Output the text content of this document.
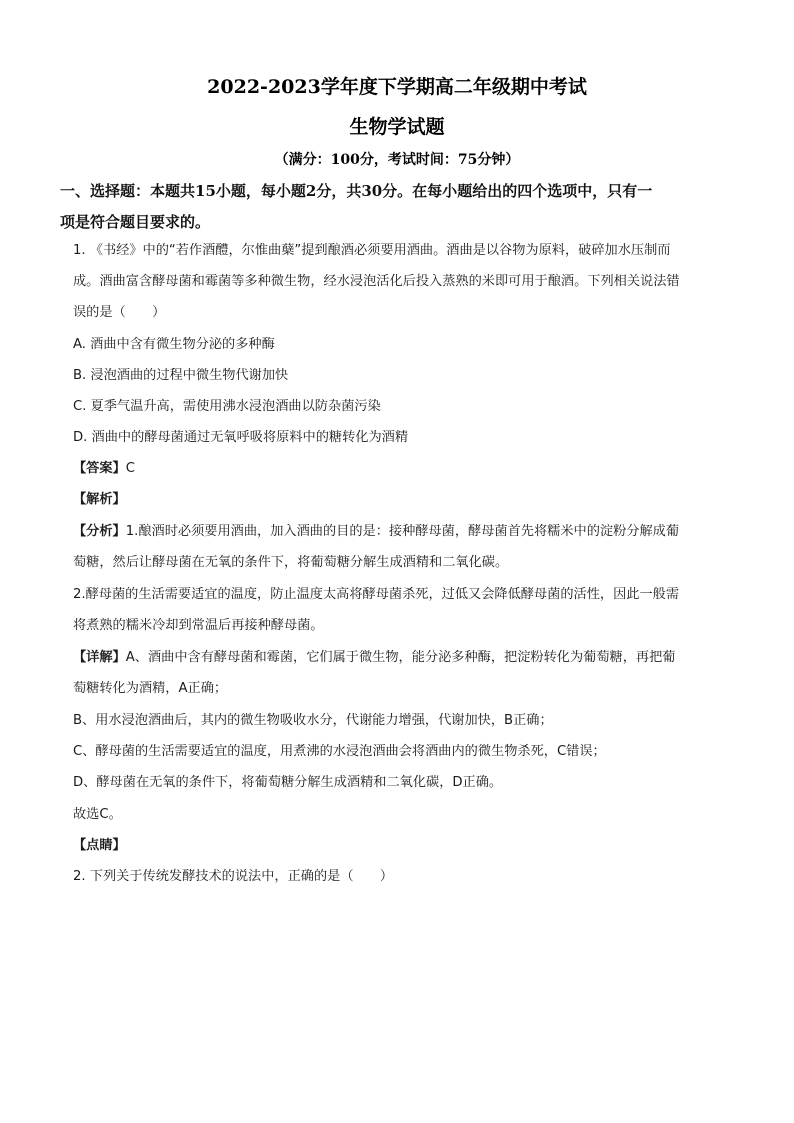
2022-2023学年度下学期高二年级期中考试
生物学试题
（满分：100分，考试时间：75分钟）
一、选择题：本题共15小题，每小题2分，共30分。在每小题给出的四个选项中，只有一
项是符合题目要求的。
1. 《书经》中的“若作酒醴，尔惟曲蘖”提到酿酒必须要用酒曲。酒曲是以谷物为原料，破碎加水压制而
成。酒曲富含酵母菌和霉菌等多种微生物，经水浸泡活化后投入蒸熟的米即可用于酿酒。下列相关说法错
误的是（　　）
A. 酒曲中含有微生物分泌的多种酶
B. 浸泡酒曲的过程中微生物代谢加快
C. 夏季气温升高，需使用沸水浸泡酒曲以防杂菌污染
D. 酒曲中的酵母菌通过无氧呼吸将原料中的糖转化为酒精
【答案】C
【解析】
【分析】1.酿酒时必须要用酒曲，加入酒曲的目的是：接种酵母菌，酵母菌首先将糯米中的淀粉分解成葡
萄糖，然后让酵母菌在无氧的条件下，将葡萄糖分解生成酒精和二氧化碳。
2.酵母菌的生活需要适宜的温度，防止温度太高将酵母菌杀死，过低又会降低酵母菌的活性，因此一般需
将煮熟的糯米冷却到常温后再接种酵母菌。
【详解】A、酒曲中含有酵母菌和霉菌，它们属于微生物，能分泌多种酶，把淀粉转化为葡萄糖，再把葡
萄糖转化为酒精，A正确；
B、用水浸泡酒曲后，其内的微生物吸收水分，代谢能力增强，代谢加快，B正确；
C、酵母菌的生活需要适宜的温度，用煮沸的水浸泡酒曲会将酒曲内的微生物杀死，C错误；
D、酵母菌在无氧的条件下，将葡萄糖分解生成酒精和二氧化碳，D正确。
故选C。
【点睛】
2. 下列关于传统发酵技术的说法中，正确的是（　　）
